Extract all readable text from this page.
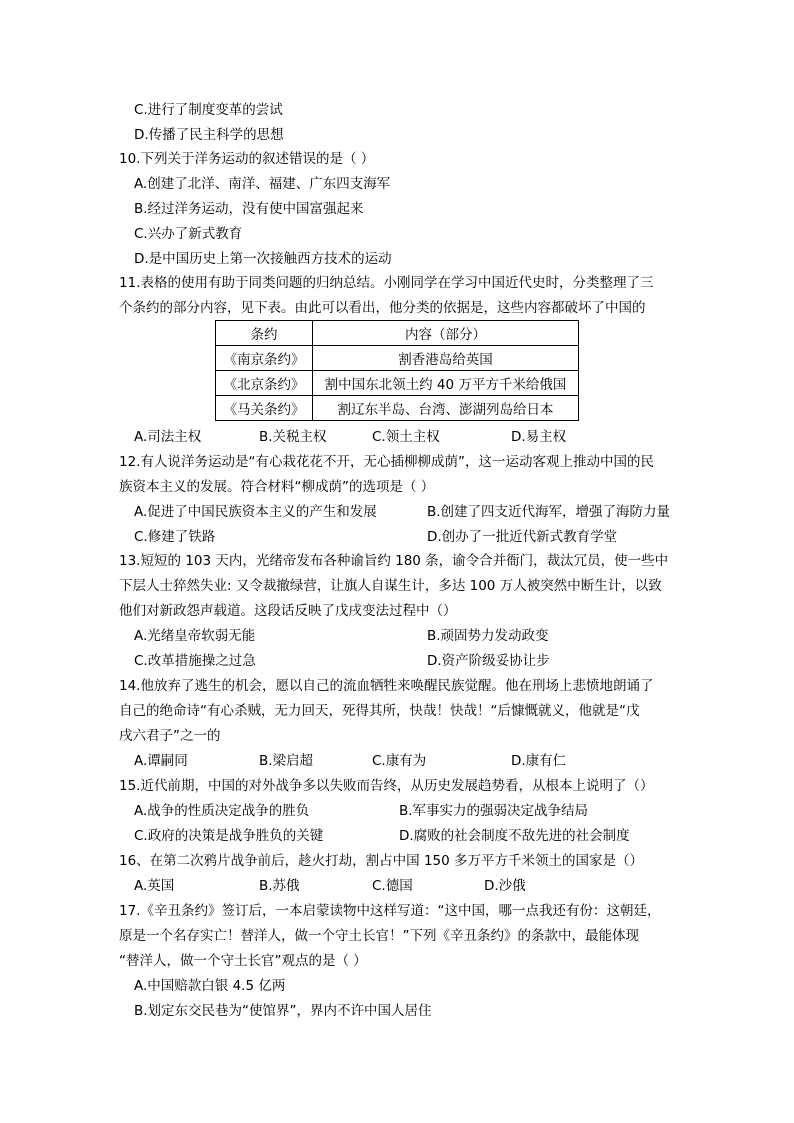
C.进行了制度变革的尝试
D.传播了民主科学的思想
10.下列关于洋务运动的叙述错误的是（ ）
A.创建了北洋、南洋、福建、广东四支海军
B.经过洋务运动，没有使中国富强起来
C.兴办了新式教育
D.是中国历史上第一次接触西方技术的运动
11.表格的使用有助于同类问题的归纳总结。小刚同学在学习中国近代史时，分类整理了三
个条约的部分内容，见下表。由此可以看出，他分类的依据是，这些内容都破坏了中国的
条约	内容（部分）
《南京条约》	割香港岛给英国
《北京条约》	割中国东北领土约 40 万平方千米给俄国
《马关条约》	割辽东半岛、台湾、澎湖列岛给日本
A.司法主权	B.关税主权	C.领土主权	D.易主权
12.有人说洋务运动是“有心栽花花不开，无心插柳柳成荫”，这一运动客观上推动中国的民
族资本主义的发展。符合材料“柳成荫”的选项是（ ）
A.促进了中国民族资本主义的产生和发展	B.创建了四支近代海军，增强了海防力量
C.修建了铁路	D.创办了一批近代新式教育学堂
13.短短的 103 天内，光绪帝发布各种谕旨约 180 条，谕令合并衙门，裁汰冗员，使一些中
下层人士猝然失业: 又令裁撤绿营，让旗人自谋生计，多达 100 万人被突然中断生计，以致
他们对新政怨声载道。这段话反映了戊戌变法过程中（）
A.光绪皇帝软弱无能	B.顽固势力发动政变
C.改革措施操之过急	D.资产阶级妥协让步
14.他放弃了逃生的机会，愿以自己的流血牺牲来唤醒民族觉醒。他在刑场上悲愤地朗诵了
自己的绝命诗“有心杀贼，无力回天，死得其所，快哉！快哉！“后慷慨就义，他就是“戊
戌六君子”之一的
A.谭嗣同	B.梁启超	C.康有为	D.康有仁
15.近代前期，中国的对外战争多以失败而告终，从历史发展趋势看，从根本上说明了（）
A.战争的性质决定战争的胜负	B.军事实力的强弱决定战争结局
C.政府的决策是战争胜负的关键	D.腐败的社会制度不敌先进的社会制度
16、在第二次鸦片战争前后，趁火打劫，割占中国 150 多万平方千米领土的国家是（）
A.英国	B.苏俄	C.德国	D.沙俄
17.《辛丑条约》签订后，一本启蒙读物中这样写道：“这中国，哪一点我还有份：这朝廷，
原是一个名存实亡！替洋人，做一个守土长官！”下列《辛丑条约》的条款中，最能体现
“替洋人，做一个守土长官”观点的是（ ）
A.中国赔款白银 4.5 亿两
B.划定东交民巷为“使馆界”，界内不许中国人居住
